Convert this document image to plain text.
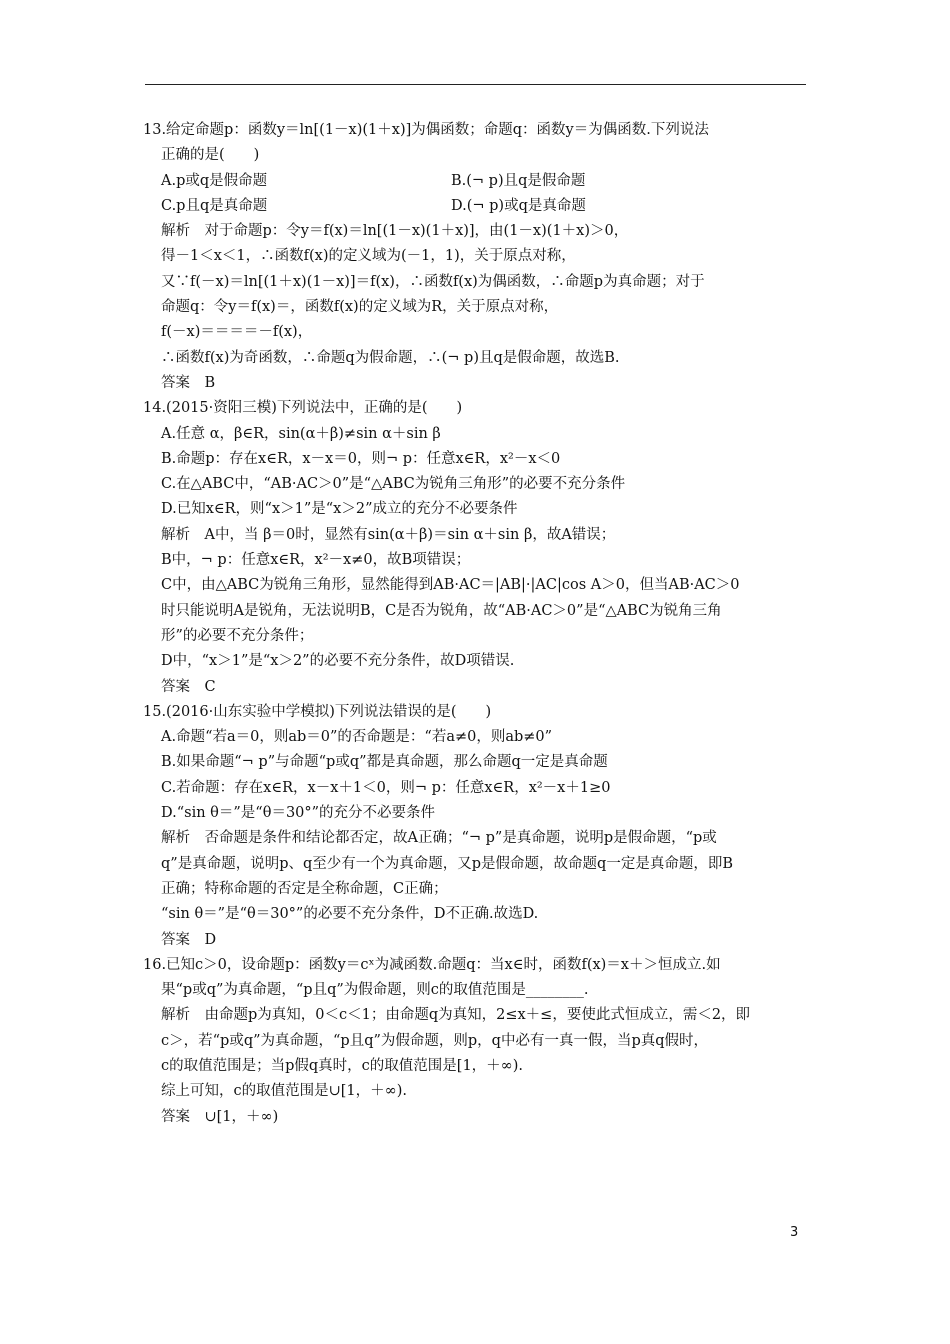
13.给定命题p：函数y＝ln[(1－x)(1＋x)]为偶函数；命题q：函数y＝为偶函数.下列说法
正确的是(　　)
A.p或q是假命题	B.(¬ p)且q是假命题
C.p且q是真命题	D.(¬ p)或q是真命题
解析　对于命题p：令y＝f(x)＝ln[(1－x)(1＋x)]，由(1－x)(1＋x)＞0，
得－1＜x＜1，∴函数f(x)的定义域为(－1，1)，关于原点对称，
又∵f(－x)＝ln[(1＋x)(1－x)]＝f(x)，∴函数f(x)为偶函数，∴命题p为真命题；对于
命题q：令y＝f(x)＝，函数f(x)的定义域为R，关于原点对称，
f(－x)＝＝＝＝－f(x)，
∴函数f(x)为奇函数，∴命题q为假命题，∴(¬ p)且q是假命题，故选B.
答案　B
14.(2015·资阳三模)下列说法中，正确的是(　　)
A.任意 α，β∈R，sin(α＋β)≠sin α＋sin β
B.命题p：存在x∈R，x－x＝0，则¬ p：任意x∈R，x²－x＜0
C.在△ABC中，“AB·AC＞0”是“△ABC为锐角三角形”的必要不充分条件
D.已知x∈R，则“x＞1”是“x＞2”成立的充分不必要条件
解析　A中，当 β＝0时，显然有sin(α＋β)＝sin α＋sin β，故A错误；
B中，¬ p：任意x∈R，x²－x≠0，故B项错误；
C中，由△ABC为锐角三角形，显然能得到AB·AC＝|AB|·|AC|cos A＞0，但当AB·AC＞0
时只能说明A是锐角，无法说明B，C是否为锐角，故“AB·AC＞0”是“△ABC为锐角三角
形”的必要不充分条件；
D中，“x＞1”是“x＞2”的必要不充分条件，故D项错误.
答案　C
15.(2016·山东实验中学模拟)下列说法错误的是(　　)
A.命题“若a＝0，则ab＝0”的否命题是：“若a≠0，则ab≠0”
B.如果命题“¬ p”与命题“p或q”都是真命题，那么命题q一定是真命题
C.若命题：存在x∈R，x－x＋1＜0，则¬ p：任意x∈R，x²－x＋1≥0
D.“sin θ＝”是“θ＝30°”的充分不必要条件
解析　否命题是条件和结论都否定，故A正确；“¬ p”是真命题，说明p是假命题，“p或
q”是真命题，说明p、q至少有一个为真命题，又p是假命题，故命题q一定是真命题，即B
正确；特称命题的否定是全称命题，C正确；
“sin θ＝”是“θ＝30°”的必要不充分条件，D不正确.故选D.
答案　D
16.已知c＞0，设命题p：函数y＝cˣ为减函数.命题q：当x∈时，函数f(x)＝x＋＞恒成立.如
果“p或q”为真命题，“p且q”为假命题，则c的取值范围是________.
解析　由命题p为真知，0＜c＜1；由命题q为真知，2≤x＋≤，要使此式恒成立，需＜2，即
c＞，若“p或q”为真命题，“p且q”为假命题，则p，q中必有一真一假，当p真q假时，
c的取值范围是；当p假q真时，c的取值范围是[1，＋∞).
综上可知，c的取值范围是∪[1，＋∞).
答案　∪[1，＋∞)
3
